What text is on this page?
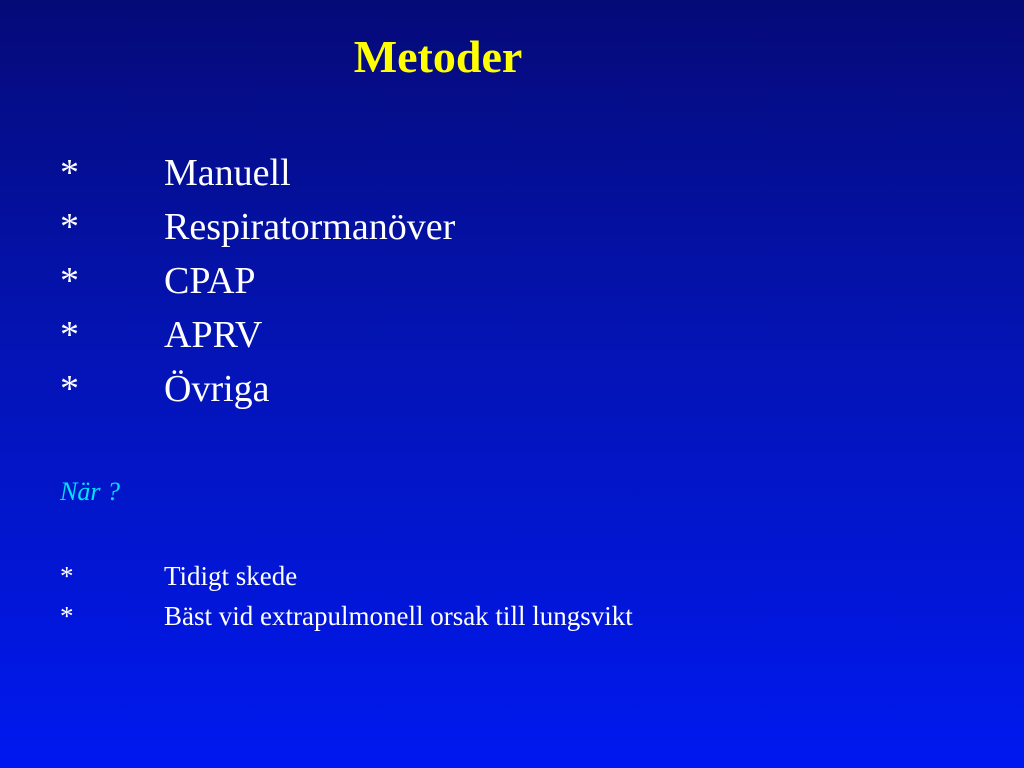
Metoder
* Manuell
* Respiratormanöver
* CPAP
* APRV
* Övriga

När ?

*	Tidigt skede
*	Bäst vid extrapulmonell orsak till lungsvikt
